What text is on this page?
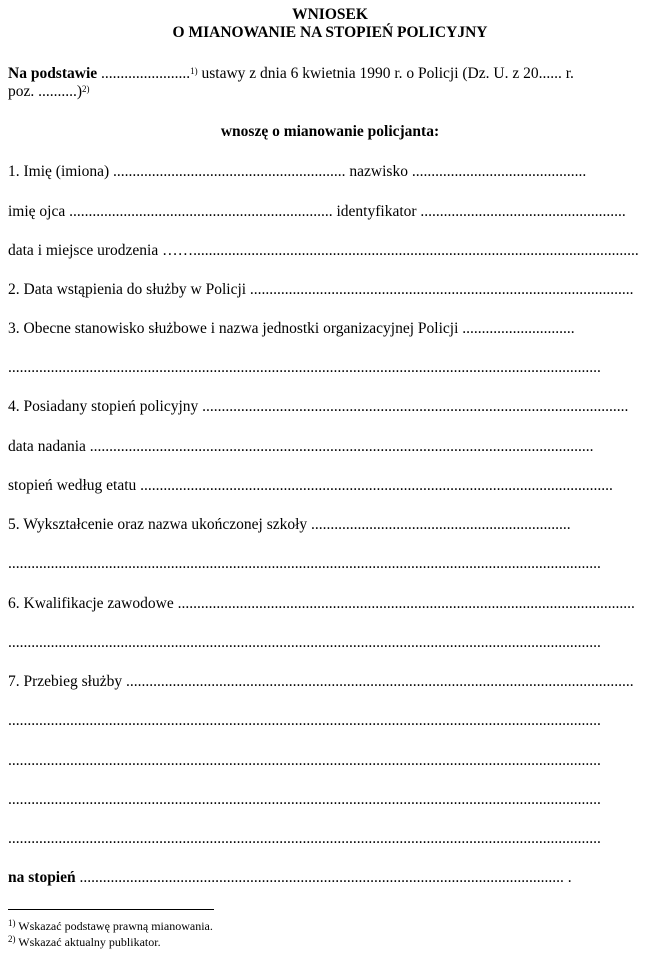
WNIOSEK
O MIANOWANIE NA STOPIEŃ POLICYJNY
Na podstawie .......................$^{1)}$ ustawy z dnia 6 kwietnia 1990 r. o Policji (Dz. U. z 20...... r.
poz. ..........)$^{2)}$
wnoszę o mianowanie policjanta:
1. Imię (imiona) ............................................................ nazwisko .............................................
imię ojca .................................................................... identyfikator .....................................................
data i miejsce urodzenia ……...................................................................................................................
2. Data wstąpienia do służby w Policji ...................................................................................................
3. Obecne stanowisko służbowe i nazwa jednostki organizacyjnej Policji .............................
.........................................................................................................................................................
4. Posiadany stopień policyjny ..............................................................................................................
data nadania ..................................................................................................................................
stopień według etatu ..........................................................................................................................
5. Wykształcenie oraz nazwa ukończonej szkoły ...................................................................
.........................................................................................................................................................
6. Kwalifikacje zawodowe ......................................................................................................................
.........................................................................................................................................................
7. Przebieg służby ...................................................................................................................................
.........................................................................................................................................................
.........................................................................................................................................................
.........................................................................................................................................................
.........................................................................................................................................................
na stopień ............................................................................................................................. .
$^{1)}$ Wskazać podstawę prawną mianowania.
$^{2)}$ Wskazać aktualny publikator.
